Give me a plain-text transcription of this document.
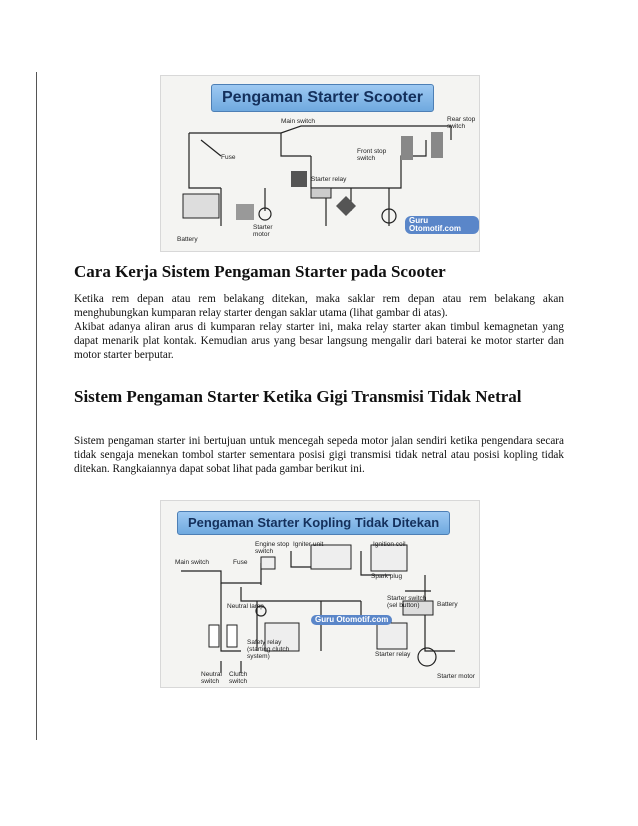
Pengaman Starter Scooter
Main switch	Rear stop switch
Front stop switch
Fuse
Starter relay
Starter motor
Battery
Guru Otomotif.com
Cara Kerja Sistem Pengaman Starter pada Scooter
Ketika rem depan atau rem belakang ditekan, maka saklar rem depan atau rem belakang akan menghubungkan kumparan relay starter dengan saklar utama (lihat gambar di atas).
Akibat adanya aliran arus di kumparan relay starter ini, maka relay starter akan timbul kemagnetan yang dapat menarik plat kontak. Kemudian arus yang besar langsung mengalir dari baterai ke motor starter dan motor starter berputar.
Sistem Pengaman Starter Ketika Gigi Transmisi Tidak Netral
Sistem pengaman starter ini bertujuan untuk mencegah sepeda motor jalan sendiri ketika pengendara secara tidak sengaja menekan tombol starter sementara posisi gigi transmisi tidak netral atau posisi kopling tidak ditekan. Rangkaiannya dapat sobat lihat pada gambar berikut ini.
Pengaman Starter Kopling Tidak Ditekan
Main switch	Fuse
Engine stop switch
Igniter unit	Ignition coil
Spark plug
Neutral lamp
Starter switch (sel button)	Battery
Safety relay (starting clutch system)
Neutral switch
Clutch switch
Starter relay
Starter motor
Guru Otomotif.com
